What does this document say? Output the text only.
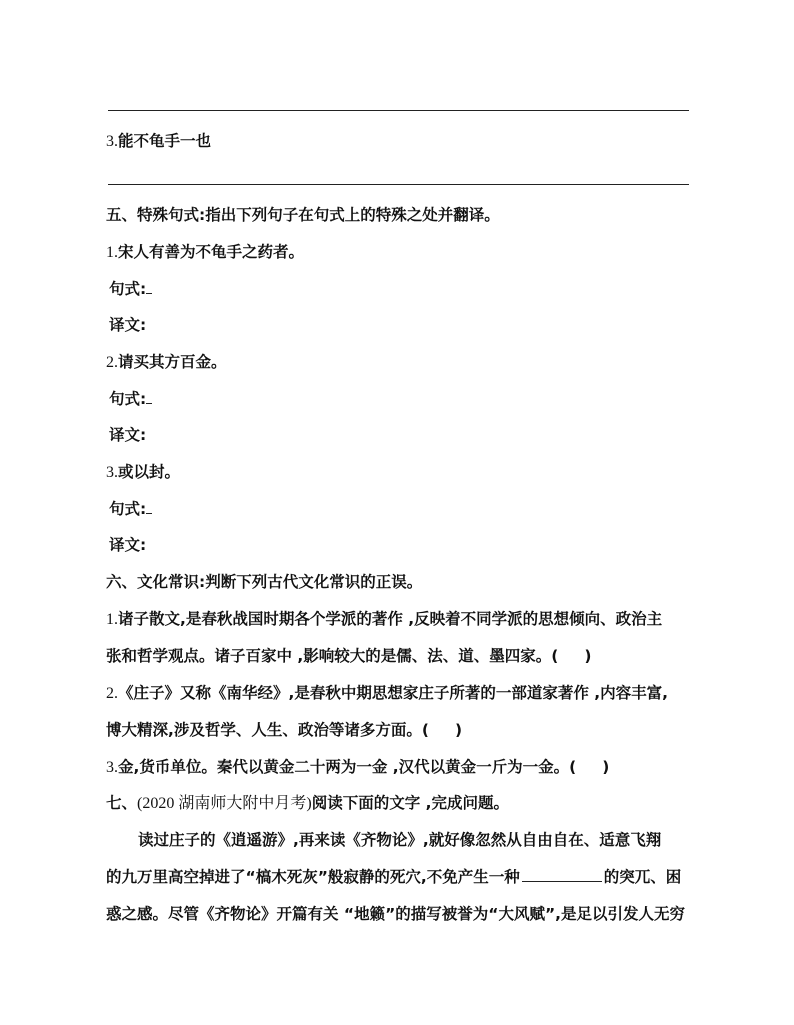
3.能不龟手一也
五、特殊句式:指出下列句子在句式上的特殊之处并翻译。
1.宋人有善为不龟手之药者。
句式:
译文:
2.请买其方百金。
句式:
译文:
3.或以封。
句式:
译文:
六、文化常识:判断下列古代文化常识的正误。
1.诸子散文,是春秋战国时期各个学派的著作 ,反映着不同学派的思想倾向、政治主
张和哲学观点。诸子百家中 ,影响较大的是儒、法、道、墨四家。( )
2.《庄子》又称《南华经》,是春秋中期思想家庄子所著的一部道家著作 ,内容丰富,
博大精深,涉及哲学、人生、政治等诸多方面。( )
3.金,货币单位。秦代以黄金二十两为一金 ,汉代以黄金一斤为一金。( )
七、(2020 湖南师大附中月考)阅读下面的文字 ,完成问题。
读过庄子的《逍遥游》,再来读《齐物论》,就好像忽然从自由自在、适意飞翔
的九万里高空掉进了“槁木死灰”般寂静的死穴,不免产生一种	的突兀、困
惑之感。尽管《齐物论》开篇有关 “地籁”的描写被誉为“大风赋”,是足以引发人无穷
